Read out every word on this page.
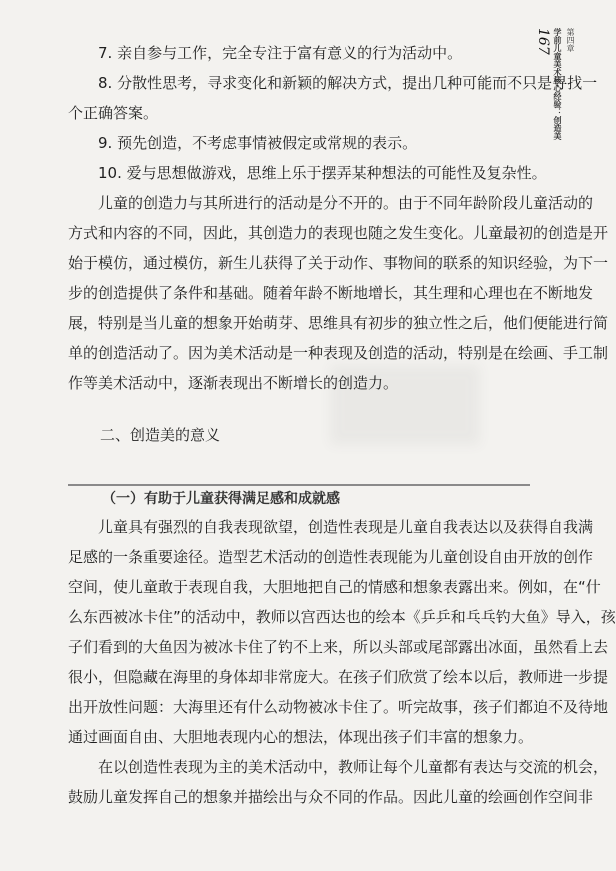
第四章
学前儿童美术核心经验：创造美
167
7. 亲自参与工作，完全专注于富有意义的行为活动中。
8. 分散性思考，寻求变化和新颖的解决方式，提出几种可能而不只是寻找一
个正确答案。
9. 预先创造，不考虑事情被假定或常规的表示。
10. 爱与思想做游戏，思维上乐于摆弄某种想法的可能性及复杂性。
儿童的创造力与其所进行的活动是分不开的。由于不同年龄阶段儿童活动的
方式和内容的不同，因此，其创造力的表现也随之发生变化。儿童最初的创造是开
始于模仿，通过模仿，新生儿获得了关于动作、事物间的联系的知识经验，为下一
步的创造提供了条件和基础。随着年龄不断地增长，其生理和心理也在不断地发
展，特别是当儿童的想象开始萌芽、思维具有初步的独立性之后，他们便能进行简
单的创造活动了。因为美术活动是一种表现及创造的活动，特别是在绘画、手工制
作等美术活动中，逐渐表现出不断增长的创造力。
二、创造美的意义
（一）有助于儿童获得满足感和成就感
儿童具有强烈的自我表现欲望，创造性表现是儿童自我表达以及获得自我满
足感的一条重要途径。造型艺术活动的创造性表现能为儿童创设自由开放的创作
空间，使儿童敢于表现自我，大胆地把自己的情感和想象表露出来。例如，在“什
么东西被冰卡住”的活动中，教师以宫西达也的绘本《乒乒和乓乓钓大鱼》导入，孩
子们看到的大鱼因为被冰卡住了钓不上来，所以头部或尾部露出冰面，虽然看上去
很小，但隐藏在海里的身体却非常庞大。在孩子们欣赏了绘本以后，教师进一步提
出开放性问题：大海里还有什么动物被冰卡住了。听完故事，孩子们都迫不及待地
通过画面自由、大胆地表现内心的想法，体现出孩子们丰富的想象力。
在以创造性表现为主的美术活动中，教师让每个儿童都有表达与交流的机会，
鼓励儿童发挥自己的想象并描绘出与众不同的作品。因此儿童的绘画创作空间非
